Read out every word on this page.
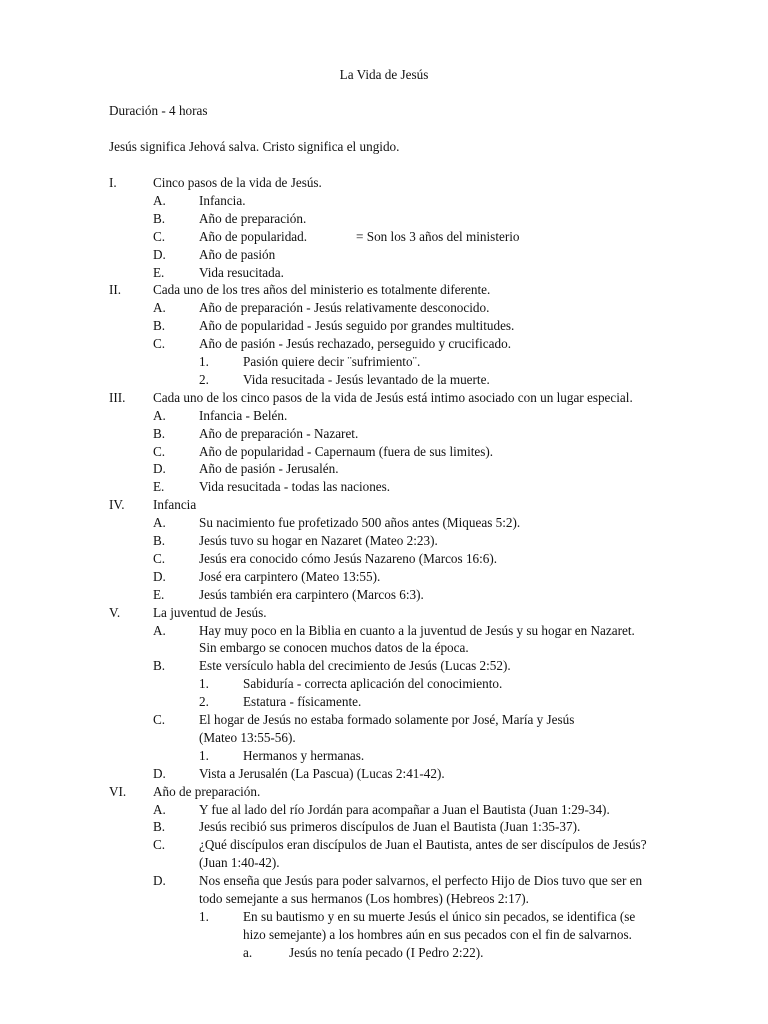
La Vida de Jesús

Duración - 4 horas

Jesús significa Jehová salva. Cristo significa el ungido.

I.	Cinco pasos de la vida de Jesús.
A.	Infancia.
B.	Año de preparación.
C.	Año de popularidad.	= Son los 3 años del ministerio
D.	Año de pasión
E.	Vida resucitada.
II. Cada uno de los tres años del ministerio es totalmente diferente.
A.	Año de preparación - Jesús relativamente desconocido.
B.	Año de popularidad - Jesús seguido por grandes multitudes.
C.	Año de pasión - Jesús rechazado, perseguido y crucificado.
1.	Pasión quiere decir ¨sufrimiento¨.
2.	Vida resucitada - Jesús levantado de la muerte.
III. Cada uno de los cinco pasos de la vida de Jesús está intimo asociado con un lugar especial.
A.	Infancia - Belén.
B.	Año de preparación - Nazaret.
C.	Año de popularidad - Capernaum (fuera de sus limites).
D.	Año de pasión - Jerusalén.
E.	Vida resucitada - todas las naciones.
IV. Infancia
A.	Su nacimiento fue profetizado 500 años antes (Miqueas 5:2).
B.	Jesús tuvo su hogar en Nazaret (Mateo 2:23).
C.	Jesús era conocido cómo Jesús Nazareno (Marcos 16:6).
D.	José era carpintero (Mateo 13:55).
E.	Jesús también era carpintero (Marcos 6:3).
V. La juventud de Jesús.
A.	Hay muy poco en la Biblia en cuanto a la juventud de Jesús y su hogar en Nazaret.
Sin embargo se conocen muchos datos de la época.
B.	Este versículo habla del crecimiento de Jesús (Lucas 2:52).
1.	Sabiduría - correcta aplicación del conocimiento.
2.	Estatura - físicamente.
C.	El hogar de Jesús no estaba formado solamente por José, María y Jesús
(Mateo 13:55-56).
1.	Hermanos y hermanas.
D.	Vista a Jerusalén (La Pascua) (Lucas 2:41-42).
VI. Año de preparación.
A.	Y fue al lado del río Jordán para acompañar a Juan el Bautista (Juan 1:29-34).
B.	Jesús recibió sus primeros discípulos de Juan el Bautista (Juan 1:35-37).
C.	¿Qué discípulos eran discípulos de Juan el Bautista, antes de ser discípulos de Jesús?
(Juan 1:40-42).
D.	Nos enseña que Jesús para poder salvarnos, el perfecto Hijo de Dios tuvo que ser en
todo semejante a sus hermanos (Los hombres) (Hebreos 2:17).
1.	En su bautismo y en su muerte Jesús el único sin pecados, se identifica (se
hizo semejante) a los hombres aún en sus pecados con el fin de salvarnos.
a.	Jesús no tenía pecado (I Pedro 2:22).
